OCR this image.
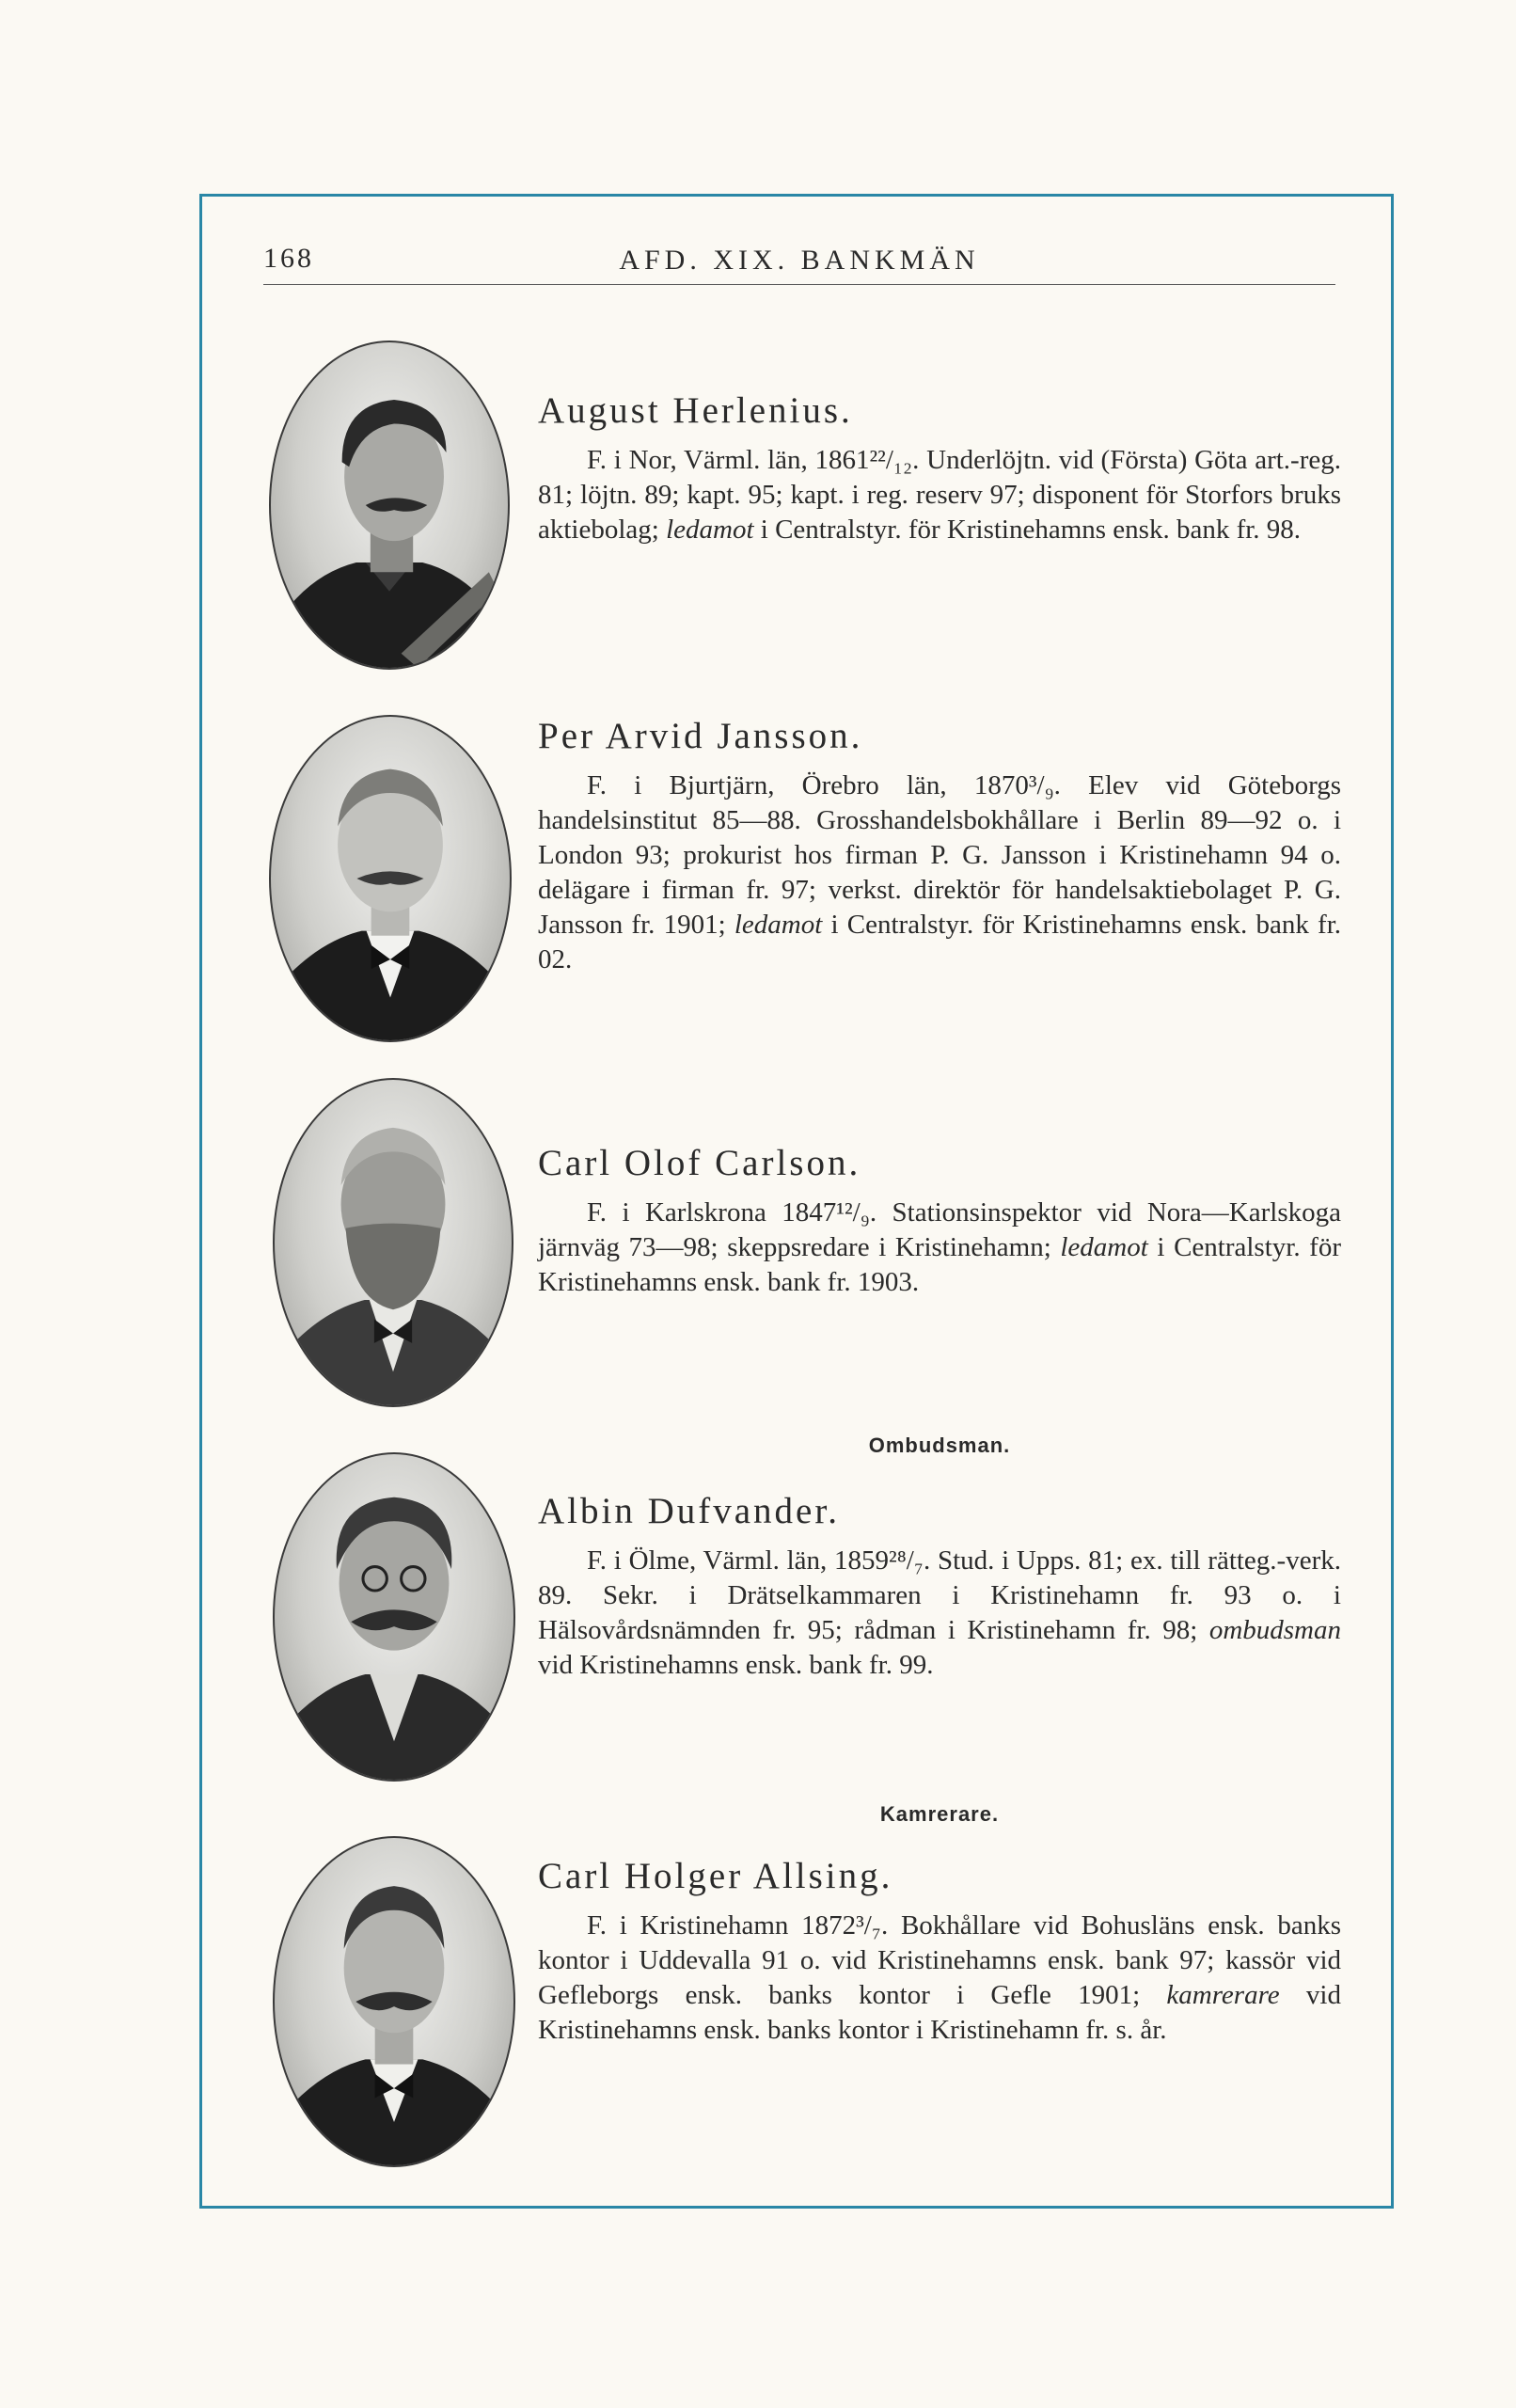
168	AFD. XIX. BANKMÄN
August Herlenius.

F. i Nor, Värml. län, 1861²²/₁₂. Underlöjtn. vid (Första) Göta art.-reg. 81; löjtn. 89; kapt. 95; kapt. i reg. reserv 97; disponent för Storfors bruks aktiebolag; ledamot i Centralstyr. för Kristinehamns ensk. bank fr. 98.

Per Arvid Jansson.

F. i Bjurtjärn, Örebro län, 1870³/₉. Elev vid Göteborgs handelsinstitut 85—88. Grosshandelsbokhållare i Berlin 89—92 o. i London 93; prokurist hos firman P. G. Jansson i Kristinehamn 94 o. delägare i firman fr. 97; verkst. direktör för handelsaktiebolaget P. G. Jansson fr. 1901; ledamot i Centralstyr. för Kristinehamns ensk. bank fr. 02.

Carl Olof Carlson.

F. i Karlskrona 1847¹²/₉. Stationsinspektor vid Nora—Karlskoga järnväg 73—98; skeppsredare i Kristinehamn; ledamot i Centralstyr. för Kristinehamns ensk. bank fr. 1903.

Ombudsman.
Albin Dufvander.

F. i Ölme, Värml. län, 1859²⁸/₇. Stud. i Upps. 81; ex. till rätteg.-verk. 89. Sekr. i Drätselkammaren i Kristinehamn fr. 93 o. i Hälsovårdsnämnden fr. 95; rådman i Kristinehamn fr. 98; ombudsman vid Kristinehamns ensk. bank fr. 99.

Kamrerare.
Carl Holger Allsing.

F. i Kristinehamn 1872³/₇. Bokhållare vid Bohusläns ensk. banks kontor i Uddevalla 91 o. vid Kristinehamns ensk. bank 97; kassör vid Gefleborgs ensk. banks kontor i Gefle 1901; kamrerare vid Kristinehamns ensk. banks kontor i Kristinehamn fr. s. år.
